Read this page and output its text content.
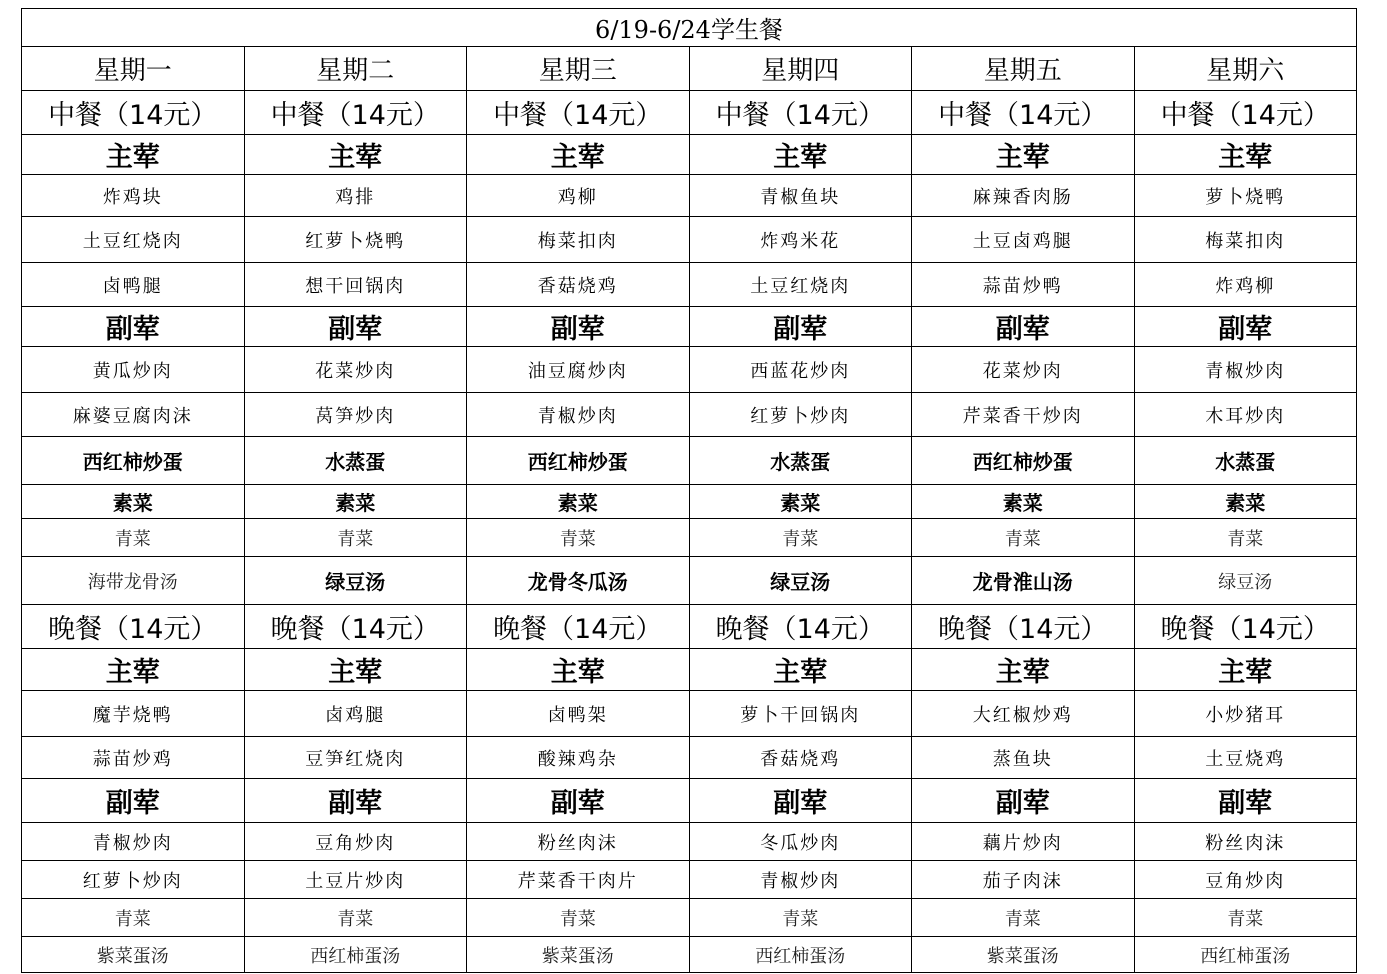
6/19-6/24学生餐					
星期一	星期二	星期三	星期四	星期五	星期六
中餐（14元）	中餐（14元）	中餐（14元）	中餐（14元）	中餐（14元）	中餐（14元）
主荤	主荤	主荤	主荤	主荤	主荤
炸鸡块	鸡排	鸡柳	青椒鱼块	麻辣香肉肠	萝卜烧鸭
土豆红烧肉	红萝卜烧鸭	梅菜扣肉	炸鸡米花	土豆卤鸡腿	梅菜扣肉
卤鸭腿	想干回锅肉	香菇烧鸡	土豆红烧肉	蒜苗炒鸭	炸鸡柳
副荤	副荤	副荤	副荤	副荤	副荤
黄瓜炒肉	花菜炒肉	油豆腐炒肉	西蓝花炒肉	花菜炒肉	青椒炒肉
麻婆豆腐肉沫	莴笋炒肉	青椒炒肉	红萝卜炒肉	芹菜香干炒肉	木耳炒肉
西红柿炒蛋	水蒸蛋	西红柿炒蛋	水蒸蛋	西红柿炒蛋	水蒸蛋
素菜	素菜	素菜	素菜	素菜	素菜
青菜	青菜	青菜	青菜	青菜	青菜
海带龙骨汤	绿豆汤	龙骨冬瓜汤	绿豆汤	龙骨淮山汤	绿豆汤
晚餐（14元）	晚餐（14元）	晚餐（14元）	晚餐（14元）	晚餐（14元）	晚餐（14元）
主荤	主荤	主荤	主荤	主荤	主荤
魔芋烧鸭	卤鸡腿	卤鸭架	萝卜干回锅肉	大红椒炒鸡	小炒猪耳
蒜苗炒鸡	豆笋红烧肉	酸辣鸡杂	香菇烧鸡	蒸鱼块	土豆烧鸡
副荤	副荤	副荤	副荤	副荤	副荤
青椒炒肉	豆角炒肉	粉丝肉沫	冬瓜炒肉	藕片炒肉	粉丝肉沫
红萝卜炒肉	土豆片炒肉	芹菜香干肉片	青椒炒肉	茄子肉沫	豆角炒肉
青菜	青菜	青菜	青菜	青菜	青菜
紫菜蛋汤	西红柿蛋汤	紫菜蛋汤	西红柿蛋汤	紫菜蛋汤	西红柿蛋汤
